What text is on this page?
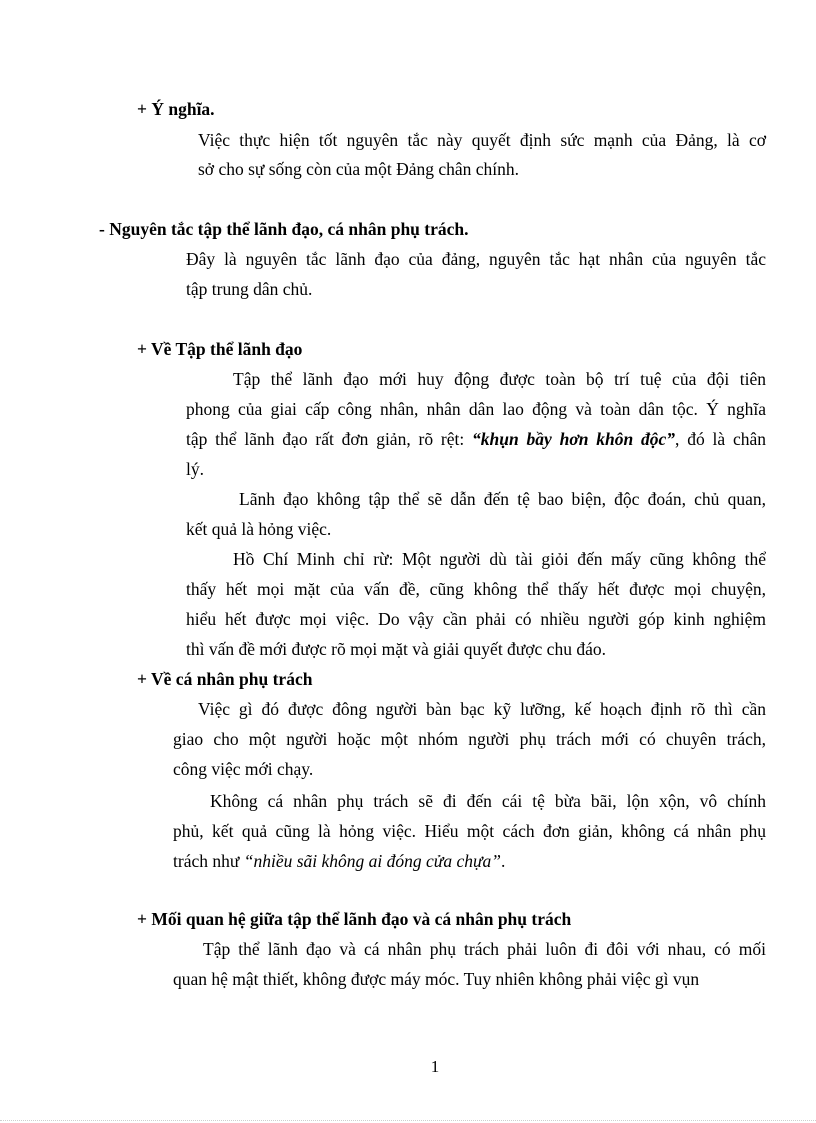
+ Ý nghĩa.
Việc thực hiện tốt nguyên tắc này quyết định sức mạnh của Đảng, là cơ
sở cho sự sống còn của một Đảng chân chính.
- Nguyên tắc tập thể lãnh đạo, cá nhân phụ trách.
Đây là nguyên tắc lãnh đạo của đảng, nguyên tắc hạt nhân của nguyên tắc
tập trung dân chủ.
+ Về Tập thể lãnh đạo
Tập thể lãnh đạo mới huy động được toàn bộ trí tuệ của đội tiên
phong của giai cấp công nhân, nhân dân lao động và toàn dân tộc. Ý nghĩa
tập thể lãnh đạo rất đơn giản, rõ rệt: “khụn bầy hơn khôn độc”, đó là chân
lý.
Lãnh đạo không tập thể sẽ dẫn đến tệ bao biện, độc đoán, chủ quan,
kết quả là hỏng việc.
Hồ Chí Minh chỉ rừ: Một người dù tài giỏi đến mấy cũng không thể
thấy hết mọi mặt của vấn đề, cũng không thể thấy hết được mọi chuyện,
hiểu hết được mọi việc. Do vậy cần phải có nhiều người góp kinh nghiệm
thì vấn đề mới được rõ mọi mặt và giải quyết được chu đáo.
+ Về cá nhân phụ trách
Việc gì đó được đông người bàn bạc kỹ lưỡng, kế hoạch định rõ thì cần
giao cho một người hoặc một nhóm người phụ trách mới có chuyên trách,
công việc mới chạy.
Không cá nhân phụ trách sẽ đi đến cái tệ bừa bãi, lộn xộn, vô chính
phủ, kết quả cũng là hỏng việc. Hiểu một cách đơn giản, không cá nhân phụ
trách như “nhiều sãi không ai đóng cửa chựa”.
+ Mối quan hệ giữa tập thể lãnh đạo và cá nhân phụ trách
Tập thể lãnh đạo và cá nhân phụ trách phải luôn đi đôi với nhau, có mối
quan hệ mật thiết, không được máy móc. Tuy nhiên không phải việc gì vụn
1
